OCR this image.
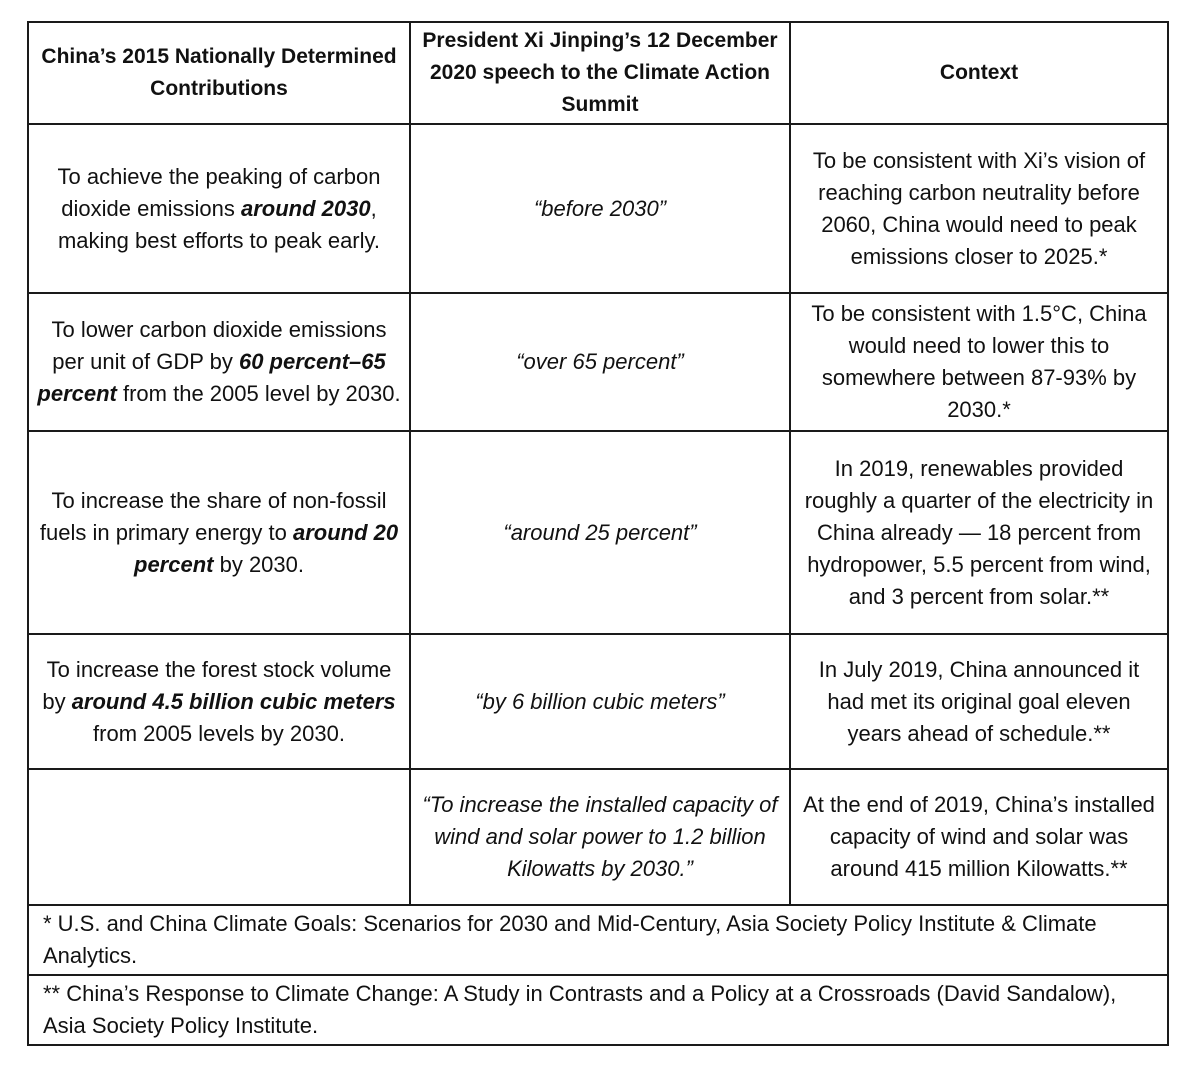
China’s 2015 Nationally Determined Contributions	President Xi Jinping’s 12 December 2020 speech to the Climate Action Summit	Context
To achieve the peaking of carbon dioxide emissions around 2030, making best efforts to peak early.	“before 2030”	To be consistent with Xi’s vision of reaching carbon neutrality before 2060, China would need to peak emissions closer to 2025.*
To lower carbon dioxide emissions per unit of GDP by 60 percent–65 percent from the 2005 level by 2030.	“over 65 percent”	To be consistent with 1.5°C, China would need to lower this to somewhere between 87-93% by 2030.*
To increase the share of non-fossil fuels in primary energy to around 20 percent by 2030.	“around 25 percent”	In 2019, renewables provided roughly a quarter of the electricity in China already — 18 percent from hydropower, 5.5 percent from wind, and 3 percent from solar.**
To increase the forest stock volume by around 4.5 billion cubic meters from 2005 levels by 2030.	“by 6 billion cubic meters”	In July 2019, China announced it had met its original goal eleven years ahead of schedule.**
	“To increase the installed capacity of wind and solar power to 1.2 billion Kilowatts by 2030.”	At the end of 2019, China’s installed capacity of wind and solar was around 415 million Kilowatts.**
* U.S. and China Climate Goals: Scenarios for 2030 and Mid-Century, Asia Society Policy Institute & Climate Analytics.		
** China’s Response to Climate Change: A Study in Contrasts and a Policy at a Crossroads (David Sandalow), Asia Society Policy Institute.		
